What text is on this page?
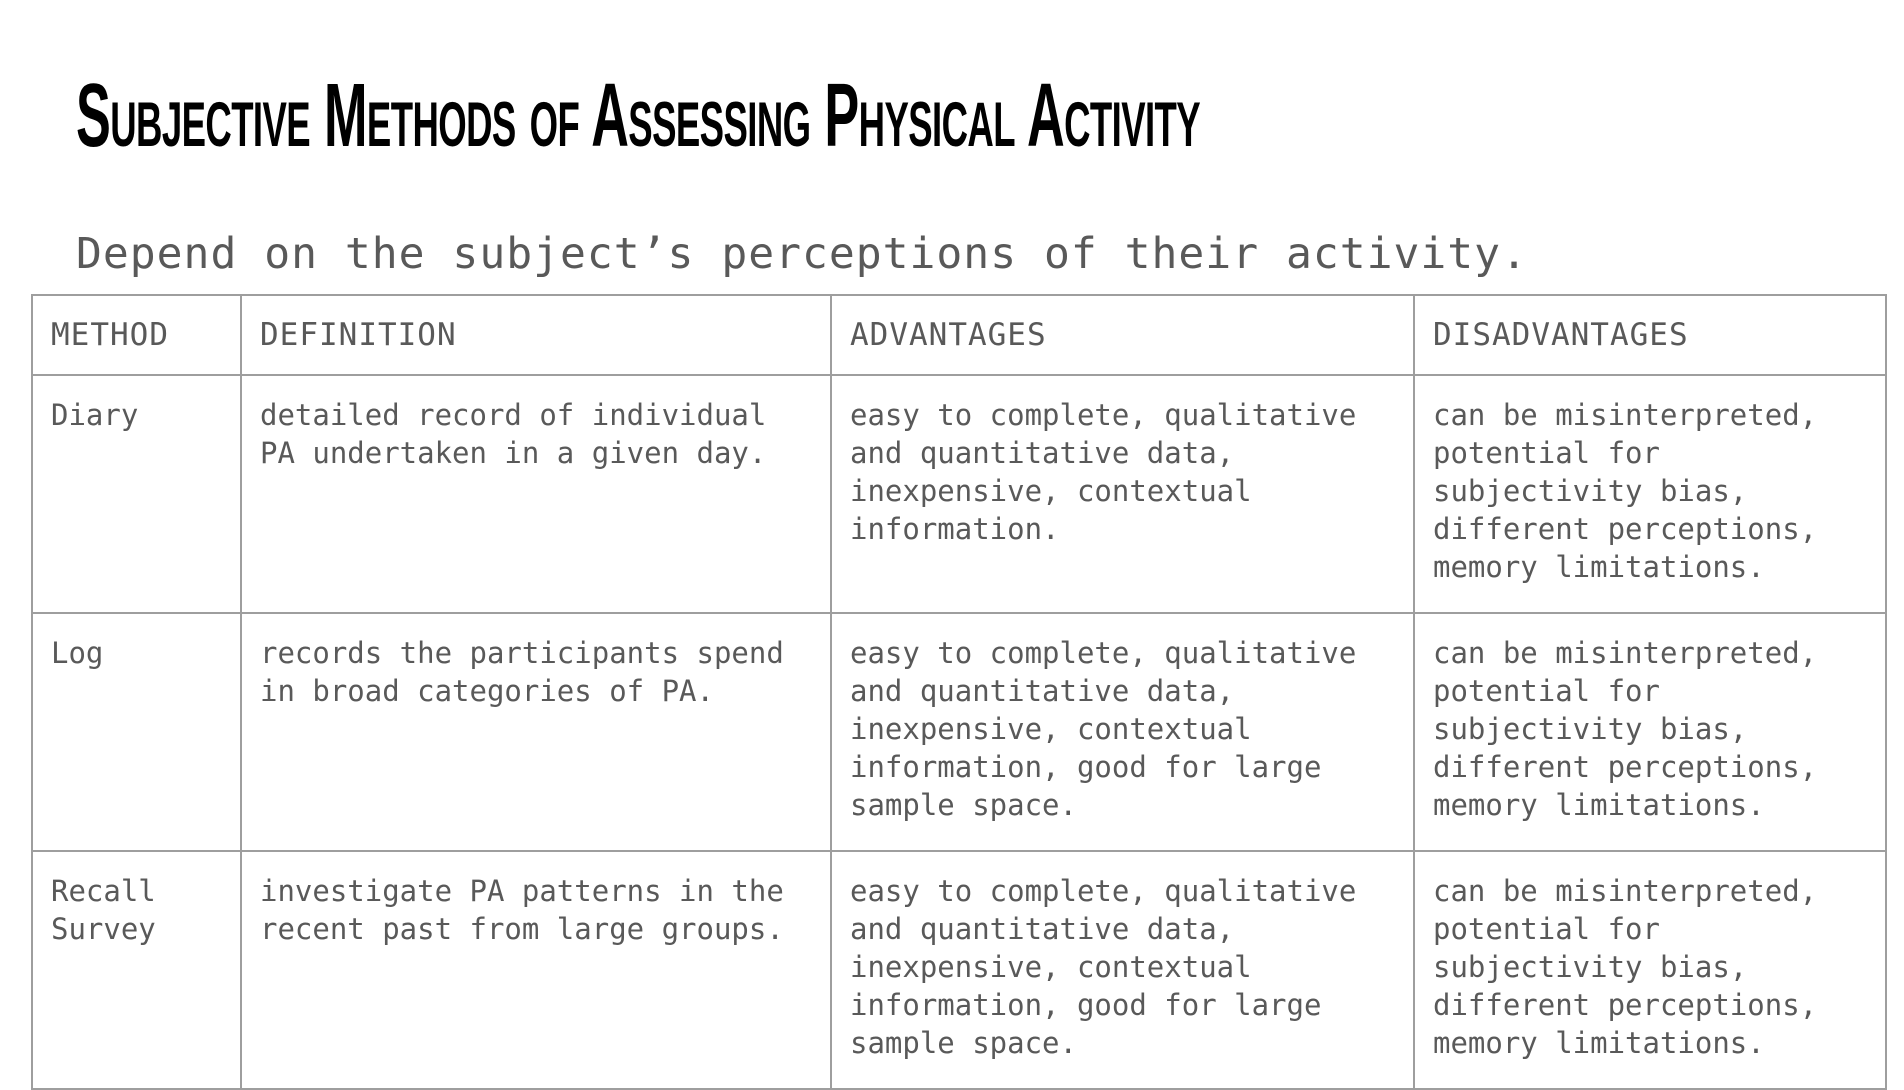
Subjective Methods of Assessing Physical Activity

Depend on the subject’s perceptions of their activity.

METHOD	DEFINITION	ADVANTAGES	DISADVANTAGES
Diary	detailed record of individual PA undertaken in a given day.	easy to complete, qualitative and quantitative data, inexpensive, contextual information.	can be misinterpreted, potential for subjectivity bias, different perceptions, memory limitations.
Log	records the participants spend in broad categories of PA.	easy to complete, qualitative and quantitative data, inexpensive, contextual information, good for large sample space.	can be misinterpreted, potential for subjectivity bias, different perceptions, memory limitations.
Recall Survey	investigate PA patterns in the recent past from large groups.	easy to complete, qualitative and quantitative data, inexpensive, contextual information, good for large sample space.	can be misinterpreted, potential for subjectivity bias, different perceptions, memory limitations.
